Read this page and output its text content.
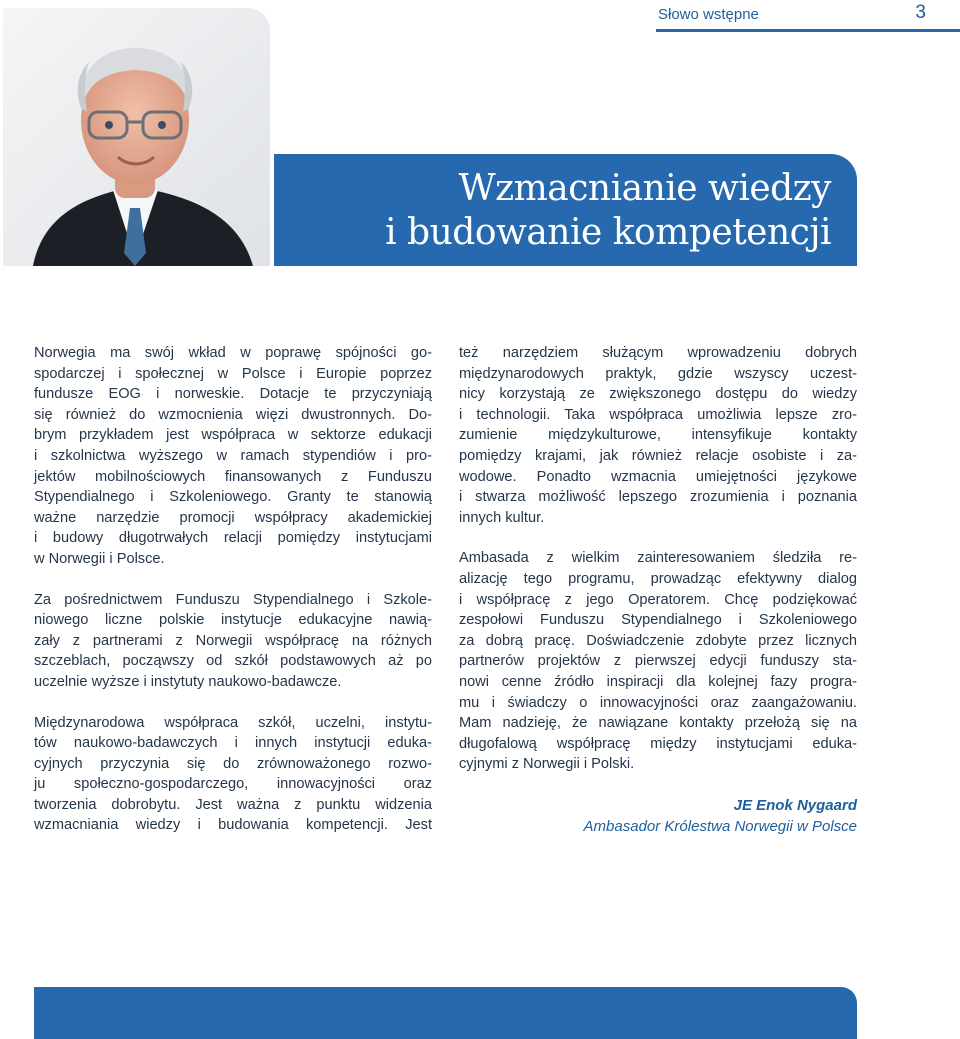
Słowo wstępne	3
Wzmacnianie wiedzy
i budowanie kompetencji

Norwegia ma swój wkład w poprawę spójności go-
spodarczej i społecznej w Polsce i Europie poprzez
fundusze EOG i norweskie. Dotacje te przyczyniają
się również do wzmocnienia więzi dwustronnych. Do-
brym przykładem jest współpraca w sektorze edukacji
i szkolnictwa wyższego w ramach stypendiów i pro-
jektów mobilnościowych finansowanych z Funduszu
Stypendialnego i Szkoleniowego. Granty te stanowią
ważne narzędzie promocji współpracy akademickiej
i budowy długotrwałych relacji pomiędzy instytucjami
w Norwegii i Polsce.

Za pośrednictwem Funduszu Stypendialnego i Szkole-
niowego liczne polskie instytucje edukacyjne nawią-
zały z partnerami z Norwegii współpracę na różnych
szczeblach, począwszy od szkół podstawowych aż po
uczelnie wyższe i instytuty naukowo-badawcze.

Międzynarodowa współpraca szkół, uczelni, instytu-
tów naukowo-badawczych i innych instytucji eduka-
cyjnych przyczynia się do zrównoważonego rozwo-
ju społeczno-gospodarczego, innowacyjności oraz
tworzenia dobrobytu. Jest ważna z punktu widzenia
wzmacniania wiedzy i budowania kompetencji. Jest

też narzędziem służącym wprowadzeniu dobrych
międzynarodowych praktyk, gdzie wszyscy uczest-
nicy korzystają ze zwiększonego dostępu do wiedzy
i technologii. Taka współpraca umożliwia lepsze zro-
zumienie międzykulturowe, intensyfikuje kontakty
pomiędzy krajami, jak również relacje osobiste i za-
wodowe. Ponadto wzmacnia umiejętności językowe
i stwarza możliwość lepszego zrozumienia i poznania
innych kultur.

Ambasada z wielkim zainteresowaniem śledziła re-
alizację tego programu, prowadząc efektywny dialog
i współpracę z jego Operatorem. Chcę podziękować
zespołowi Funduszu Stypendialnego i Szkoleniowego
za dobrą pracę. Doświadczenie zdobyte przez licznych
partnerów projektów z pierwszej edycji funduszy sta-
nowi cenne źródło inspiracji dla kolejnej fazy progra-
mu i świadczy o innowacyjności oraz zaangażowaniu.
Mam nadzieję, że nawiązane kontakty przełożą się na
długofalową współpracę między instytucjami eduka-
cyjnymi z Norwegii i Polski.

JE Enok Nygaard
Ambasador Królestwa Norwegii w Polsce
